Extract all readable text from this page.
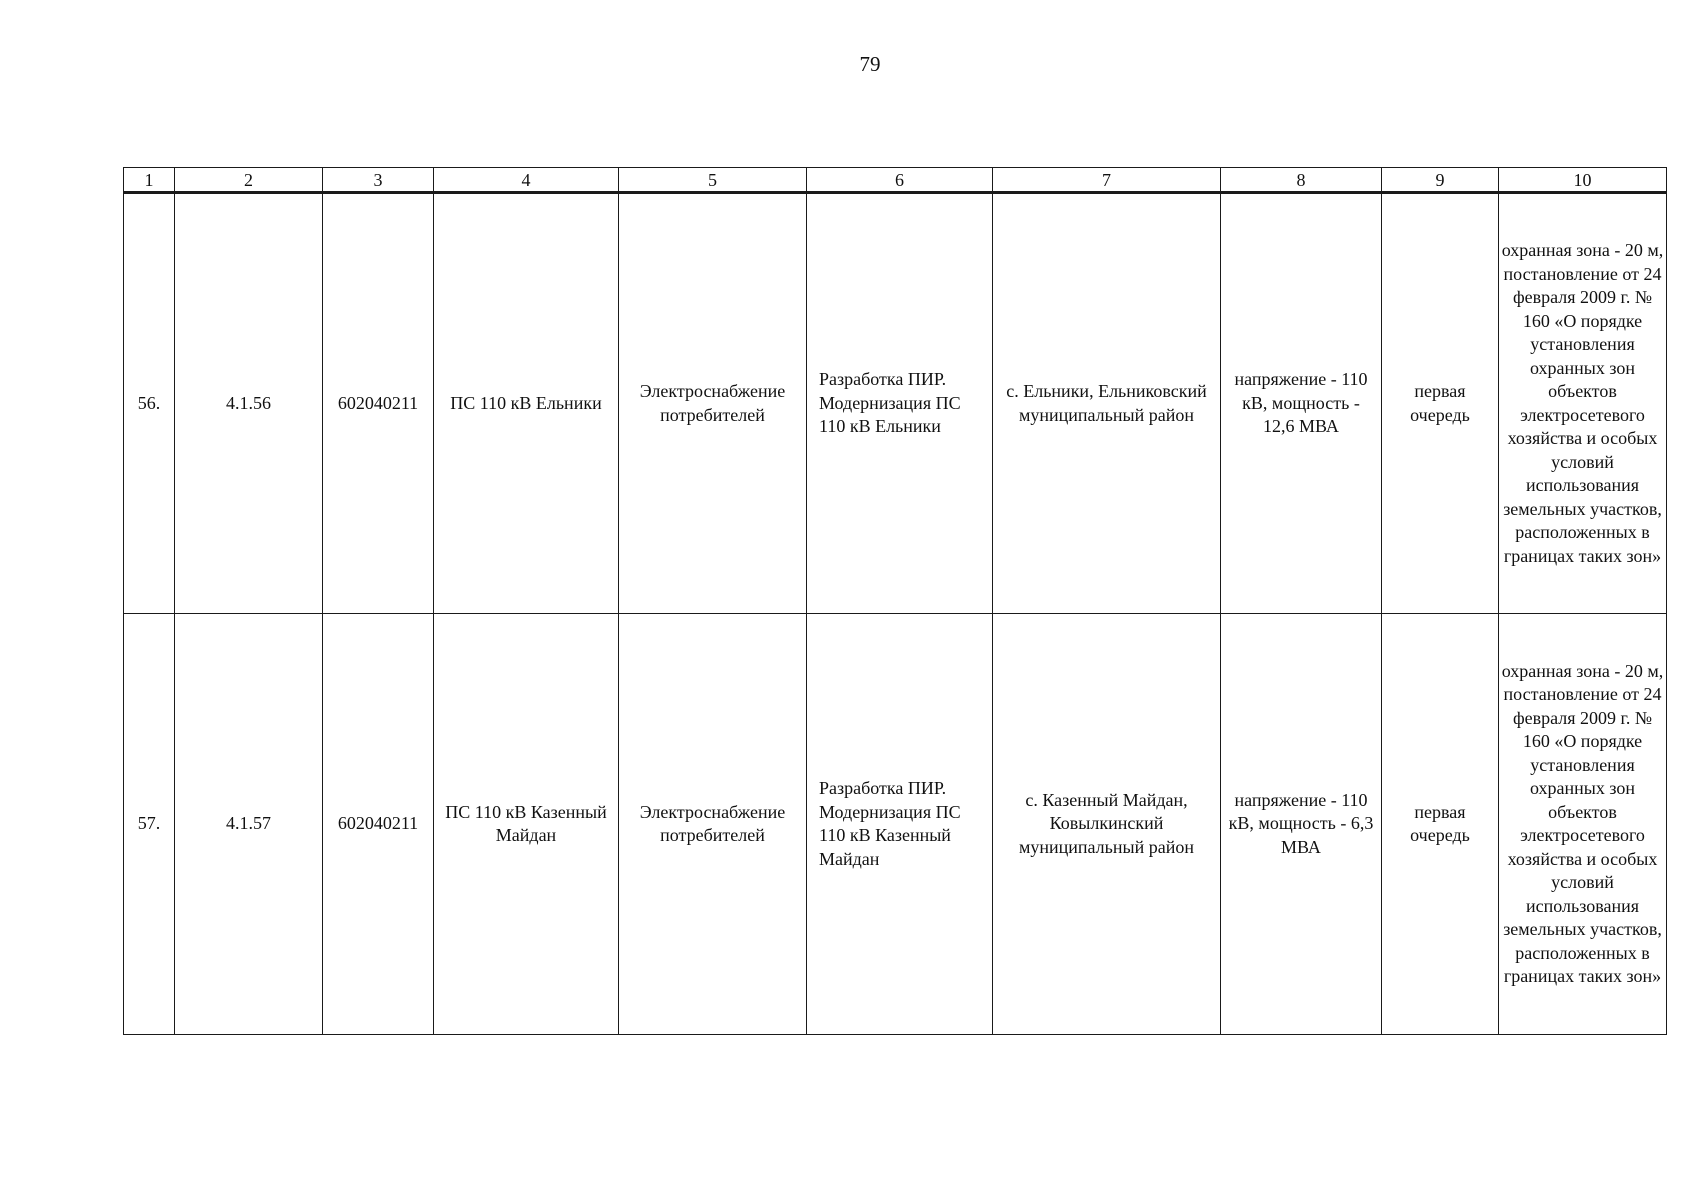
79
1	2	3	4	5	6	7	8	9	10
56.	4.1.56	602040211	ПС 110 кВ Ельники	Электроснабжение потребителей	Разработка ПИР. Модернизация ПС 110 кВ Ельники	с. Ельники, Ельниковский муниципальный район	напряжение - 110 кВ, мощность - 12,6 МВА	первая очередь	охранная зона - 20 м, постановление от 24 февраля 2009 г. № 160 «О порядке установления охранных зон объектов электросетевого хозяйства и особых условий использования земельных участков, расположенных в границах таких зон»
57.	4.1.57	602040211	ПС 110 кВ Казенный Майдан	Электроснабжение потребителей	Разработка ПИР. Модернизация ПС 110 кВ Казенный Майдан	с. Казенный Майдан, Ковылкинский муниципальный район	напряжение - 110 кВ, мощность - 6,3 МВА	первая очередь	охранная зона - 20 м, постановление от 24 февраля 2009 г. № 160 «О порядке установления охранных зон объектов электросетевого хозяйства и особых условий использования земельных участков, расположенных в границах таких зон»
